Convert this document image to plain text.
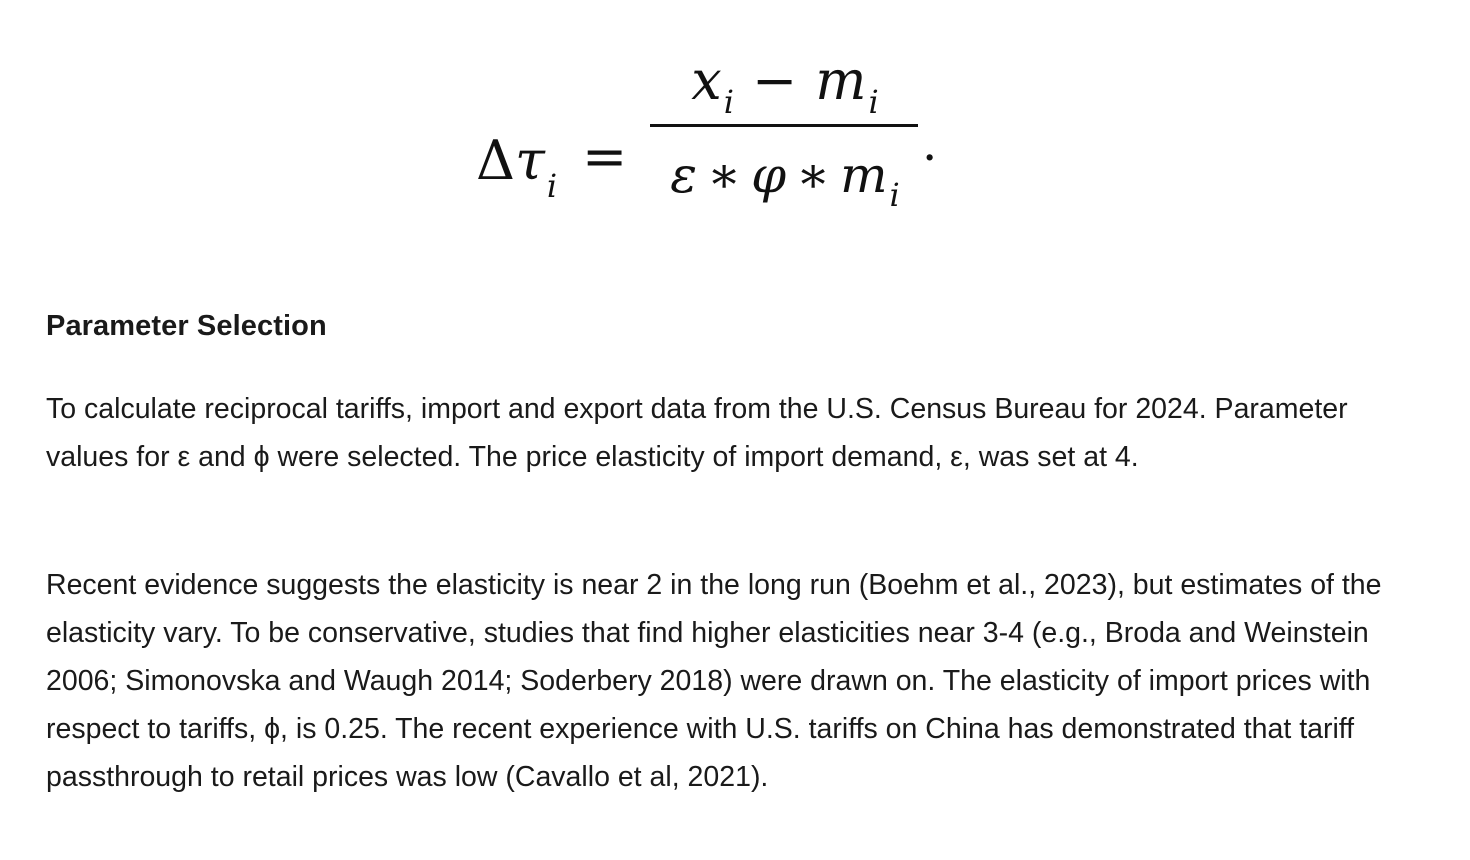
$\Delta\tau_i$ =
$x_i - m_i$
ε ∗ φ ∗ $m_i$
.
Parameter Selection

To calculate reciprocal tariffs, import and export data from the U.S. Census Bureau for 2024. Parameter values for ε and ϕ were selected. The price elasticity of import demand, ε, was set at 4.

Recent evidence suggests the elasticity is near 2 in the long run (Boehm et al., 2023), but estimates of the elasticity vary. To be conservative, studies that find higher elasticities near 3-4 (e.g., Broda and Weinstein 2006; Simonovska and Waugh 2014; Soderbery 2018) were drawn on. The elasticity of import prices with respect to tariffs, ϕ, is 0.25. The recent experience with U.S. tariffs on China has demonstrated that tariff passthrough to retail prices was low (Cavallo et al, 2021).
